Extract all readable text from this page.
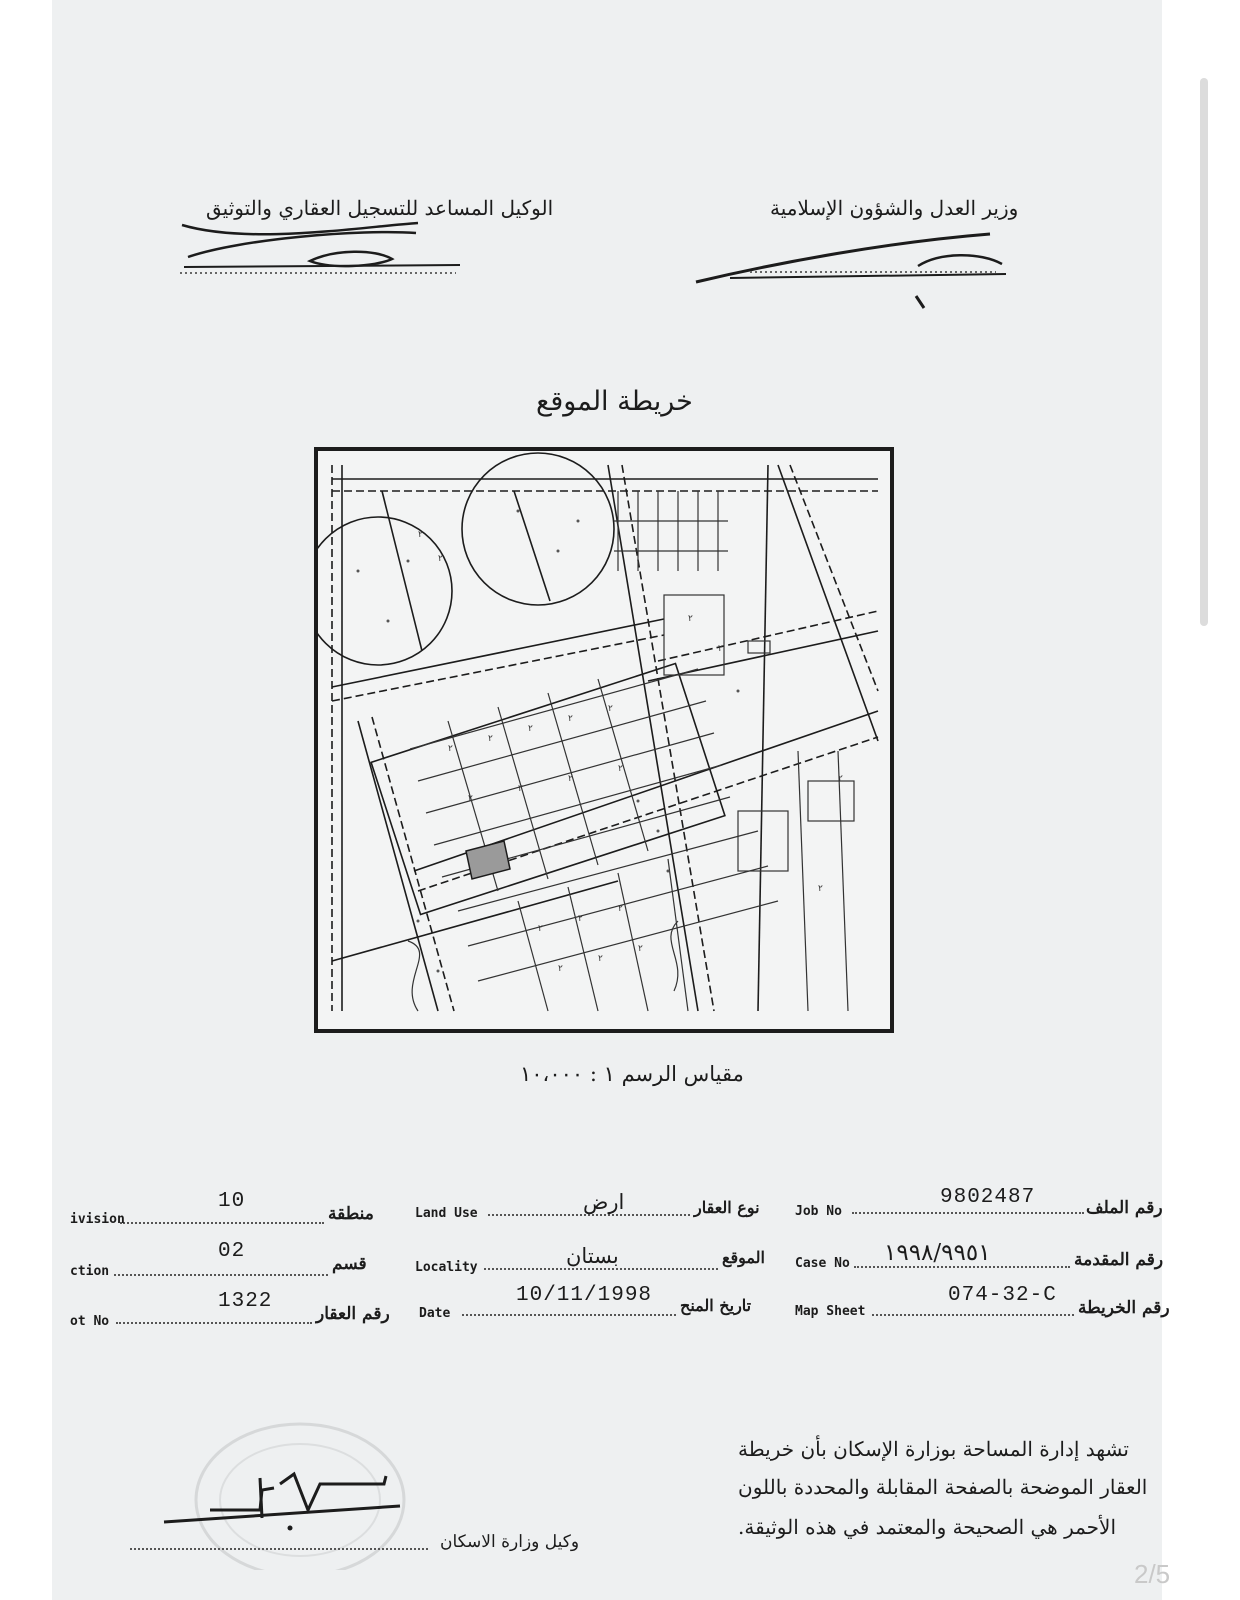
وزير العدل والشؤون الإسلامية
الوكيل المساعد للتسجيل العقاري والتوثيق
خريطة الموقع
٢
٢
٢
٢
٢
٢
٢
٢
٢
٢
٢
٢
٢
٢
٢
٢
٢
٢
٢
٢
٢
مقياس الرسم ١ : ١٠،٠٠٠
رقم الملف
9802487
Job No
نوع العقار
ارض
Land Use
منطقة
10
ivision
رقم المقدمة
١٩٩٨/٩٩٥١
Case No
الموقع
بستان
Locality
قسم
02
ction
رقم الخريطة
074-32-C
Map Sheet
تاريخ المنح
10/11/1998
Date
رقم العقار
1322
ot No
تشهد إدارة المساحة بوزارة الإسكان بأن خريطة
العقار الموضحة بالصفحة المقابلة والمحددة باللون
الأحمر هي الصحيحة والمعتمد في هذه الوثيقة.
وكيل وزارة الاسكان
2/5
